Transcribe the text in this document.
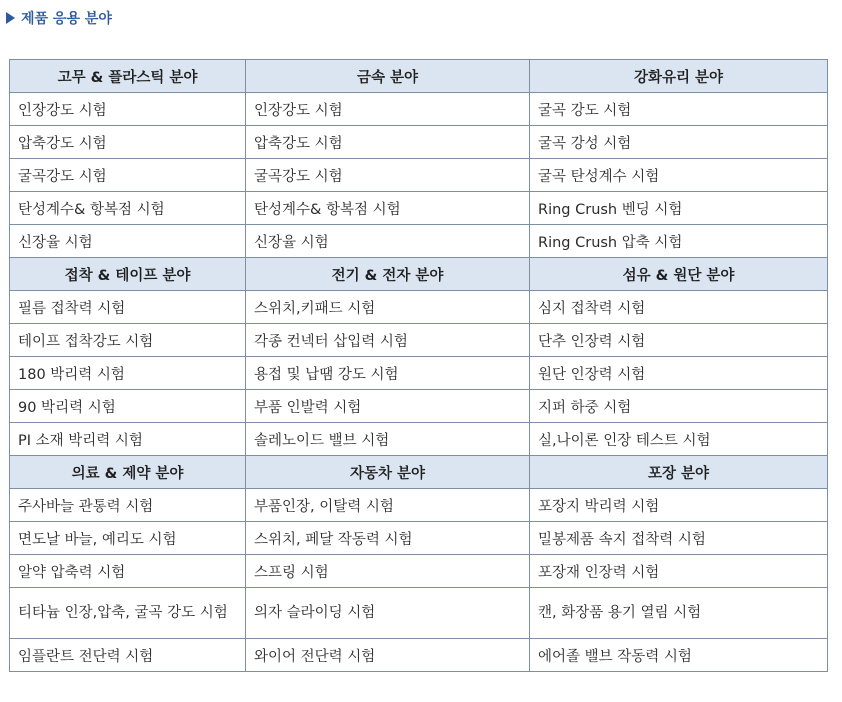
제품 응용 분야
고무 & 플라스틱 분야	금속 분야	강화유리 분야
인장강도 시험	인장강도 시험	굴곡 강도 시험
압축강도 시험	압축강도 시험	굴곡 강성 시험
굴곡강도 시험	굴곡강도 시험	굴곡 탄성계수 시험
탄성계수& 항복점 시험	탄성계수& 항복점 시험	Ring Crush 벤딩 시험
신장율 시험	신장율 시험	Ring Crush 압축 시험
접착 & 테이프 분야	전기 & 전자 분야	섬유 & 원단 분야
필름 접착력 시험	스위치,키패드 시험	심지 접착력 시험
테이프 접착강도 시험	각종 컨넥터 삽입력 시험	단추 인장력 시험
180 박리력 시험	용접 및 납땜 강도 시험	원단 인장력 시험
90 박리력 시험	부품 인발력 시험	지퍼 하중 시험
PI 소재 박리력 시험	솔레노이드 밸브 시험	실,나이론 인장 테스트 시험
의료 & 제약 분야	자동차 분야	포장 분야
주사바늘 관통력 시험	부품인장, 이탈력 시험	포장지 박리력 시험
면도날 바늘, 예리도 시험	스위치, 페달 작동력 시험	밀봉제품 속지 접착력 시험
알약 압축력 시험	스프링 시험	포장재 인장력 시험
티타늄 인장,압축, 굴곡 강도 시험	의자 슬라이딩 시험	캔, 화장품 용기 열림 시험
임플란트 전단력 시험	와이어 전단력 시험	에어졸 밸브 작동력 시험
